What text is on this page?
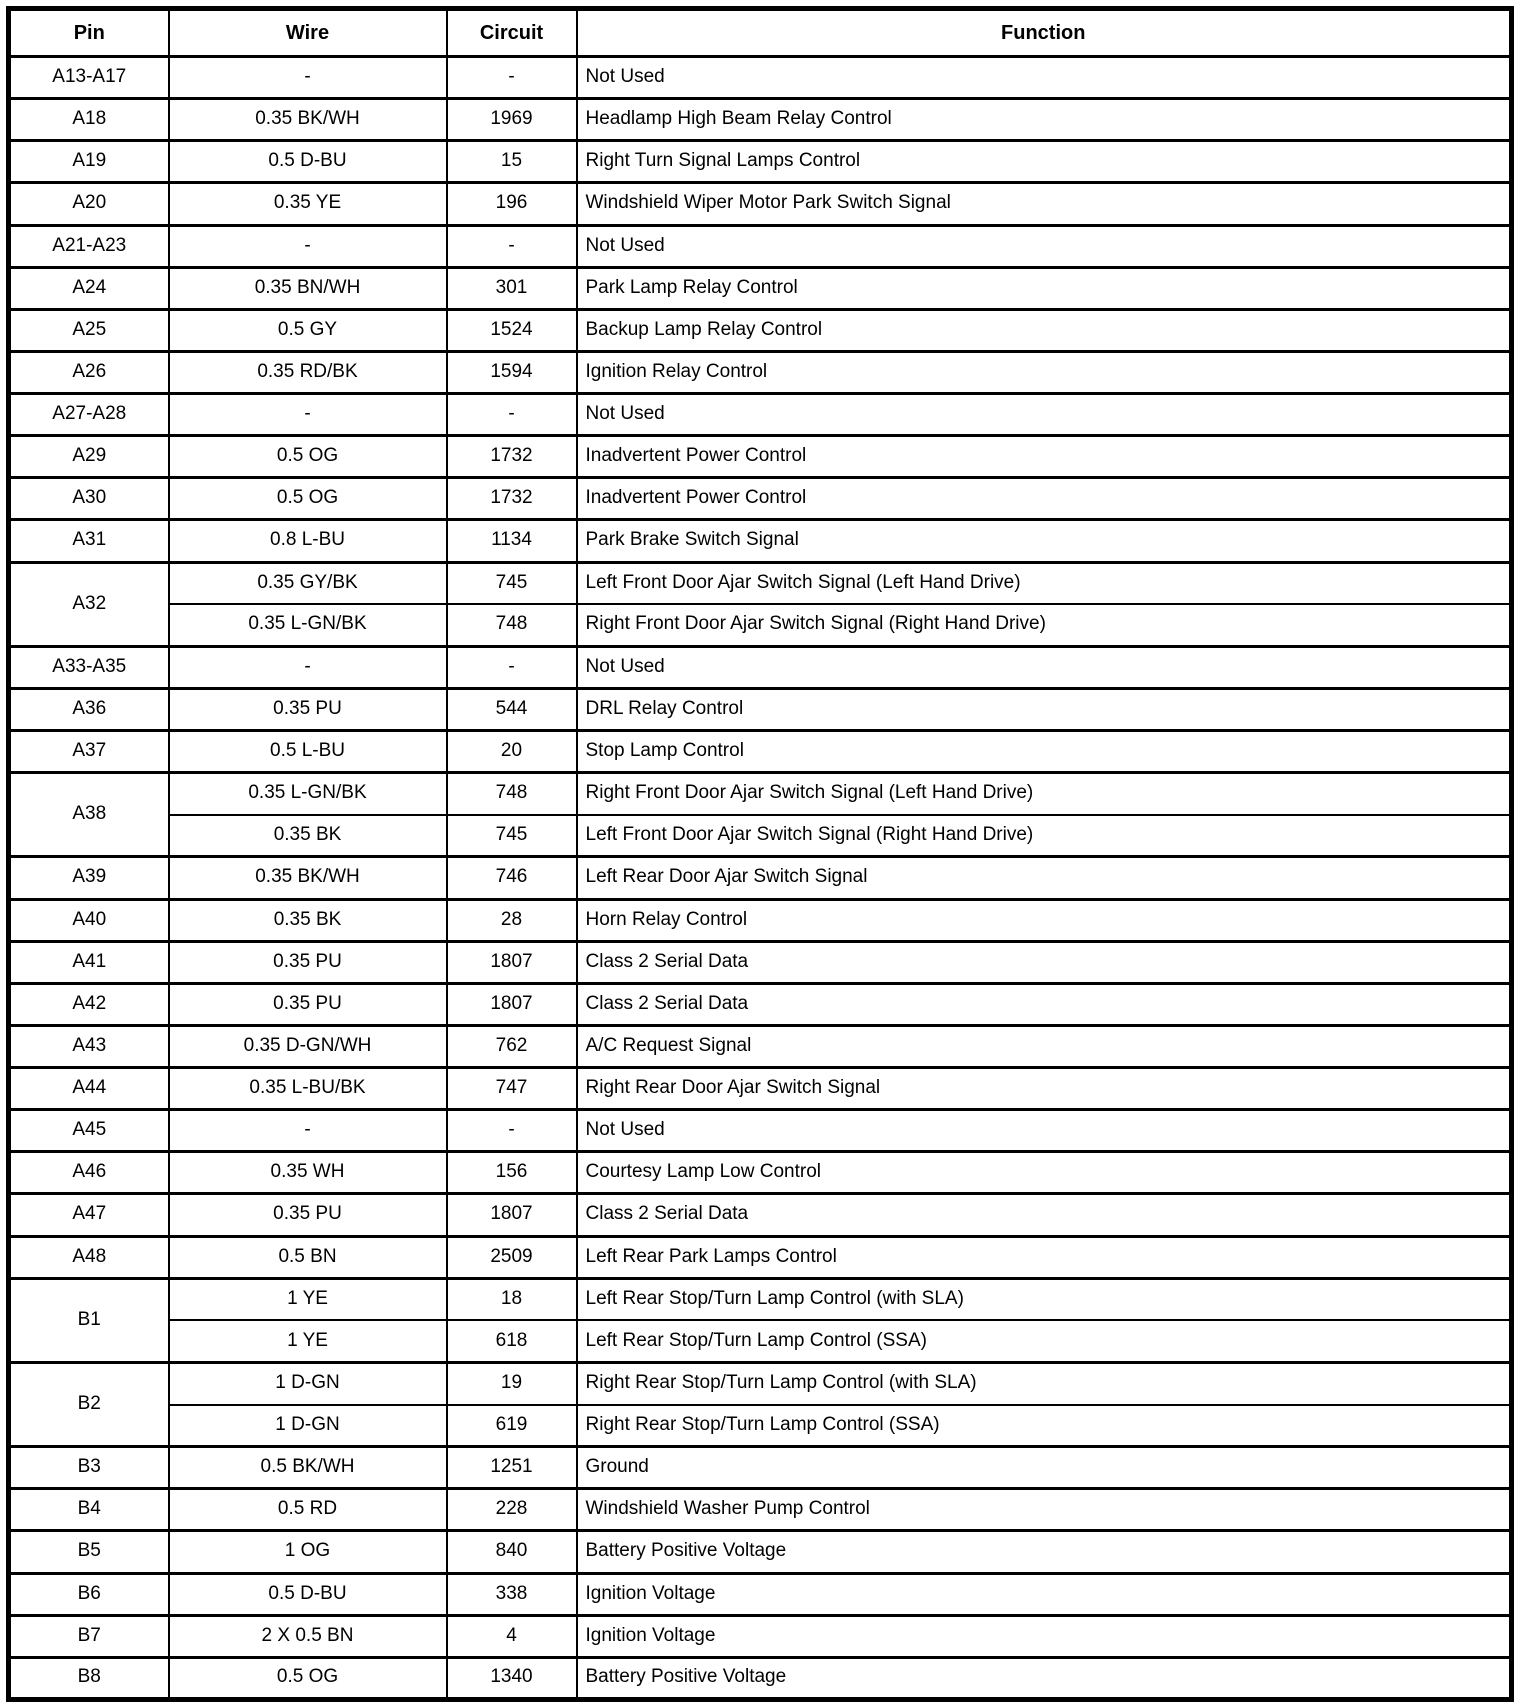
Pin	Wire	Circuit	Function
A13-A17	-	-	Not Used
A18	0.35 BK/WH	1969	Headlamp High Beam Relay Control
A19	0.5 D-BU	15	Right Turn Signal Lamps Control
A20	0.35 YE	196	Windshield Wiper Motor Park Switch Signal
A21-A23	-	-	Not Used
A24	0.35 BN/WH	301	Park Lamp Relay Control
A25	0.5 GY	1524	Backup Lamp Relay Control
A26	0.35 RD/BK	1594	Ignition Relay Control
A27-A28	-	-	Not Used
A29	0.5 OG	1732	Inadvertent Power Control
A30	0.5 OG	1732	Inadvertent Power Control
A31	0.8 L-BU	1134	Park Brake Switch Signal
A32	0.35 GY/BK	745	Left Front Door Ajar Switch Signal (Left Hand Drive)
	0.35 L-GN/BK	748	Right Front Door Ajar Switch Signal (Right Hand Drive)
A33-A35	-	-	Not Used
A36	0.35 PU	544	DRL Relay Control
A37	0.5 L-BU	20	Stop Lamp Control
A38	0.35 L-GN/BK	748	Right Front Door Ajar Switch Signal (Left Hand Drive)
	0.35 BK	745	Left Front Door Ajar Switch Signal (Right Hand Drive)
A39	0.35 BK/WH	746	Left Rear Door Ajar Switch Signal
A40	0.35 BK	28	Horn Relay Control
A41	0.35 PU	1807	Class 2 Serial Data
A42	0.35 PU	1807	Class 2 Serial Data
A43	0.35 D-GN/WH	762	A/C Request Signal
A44	0.35 L-BU/BK	747	Right Rear Door Ajar Switch Signal
A45	-	-	Not Used
A46	0.35 WH	156	Courtesy Lamp Low Control
A47	0.35 PU	1807	Class 2 Serial Data
A48	0.5 BN	2509	Left Rear Park Lamps Control
B1	1 YE	18	Left Rear Stop/Turn Lamp Control (with SLA)
	1 YE	618	Left Rear Stop/Turn Lamp Control (SSA)
B2	1 D-GN	19	Right Rear Stop/Turn Lamp Control (with SLA)
	1 D-GN	619	Right Rear Stop/Turn Lamp Control (SSA)
B3	0.5 BK/WH	1251	Ground
B4	0.5 RD	228	Windshield Washer Pump Control
B5	1 OG	840	Battery Positive Voltage
B6	0.5 D-BU	338	Ignition Voltage
B7	2 X 0.5 BN	4	Ignition Voltage
B8	0.5 OG	1340	Battery Positive Voltage
